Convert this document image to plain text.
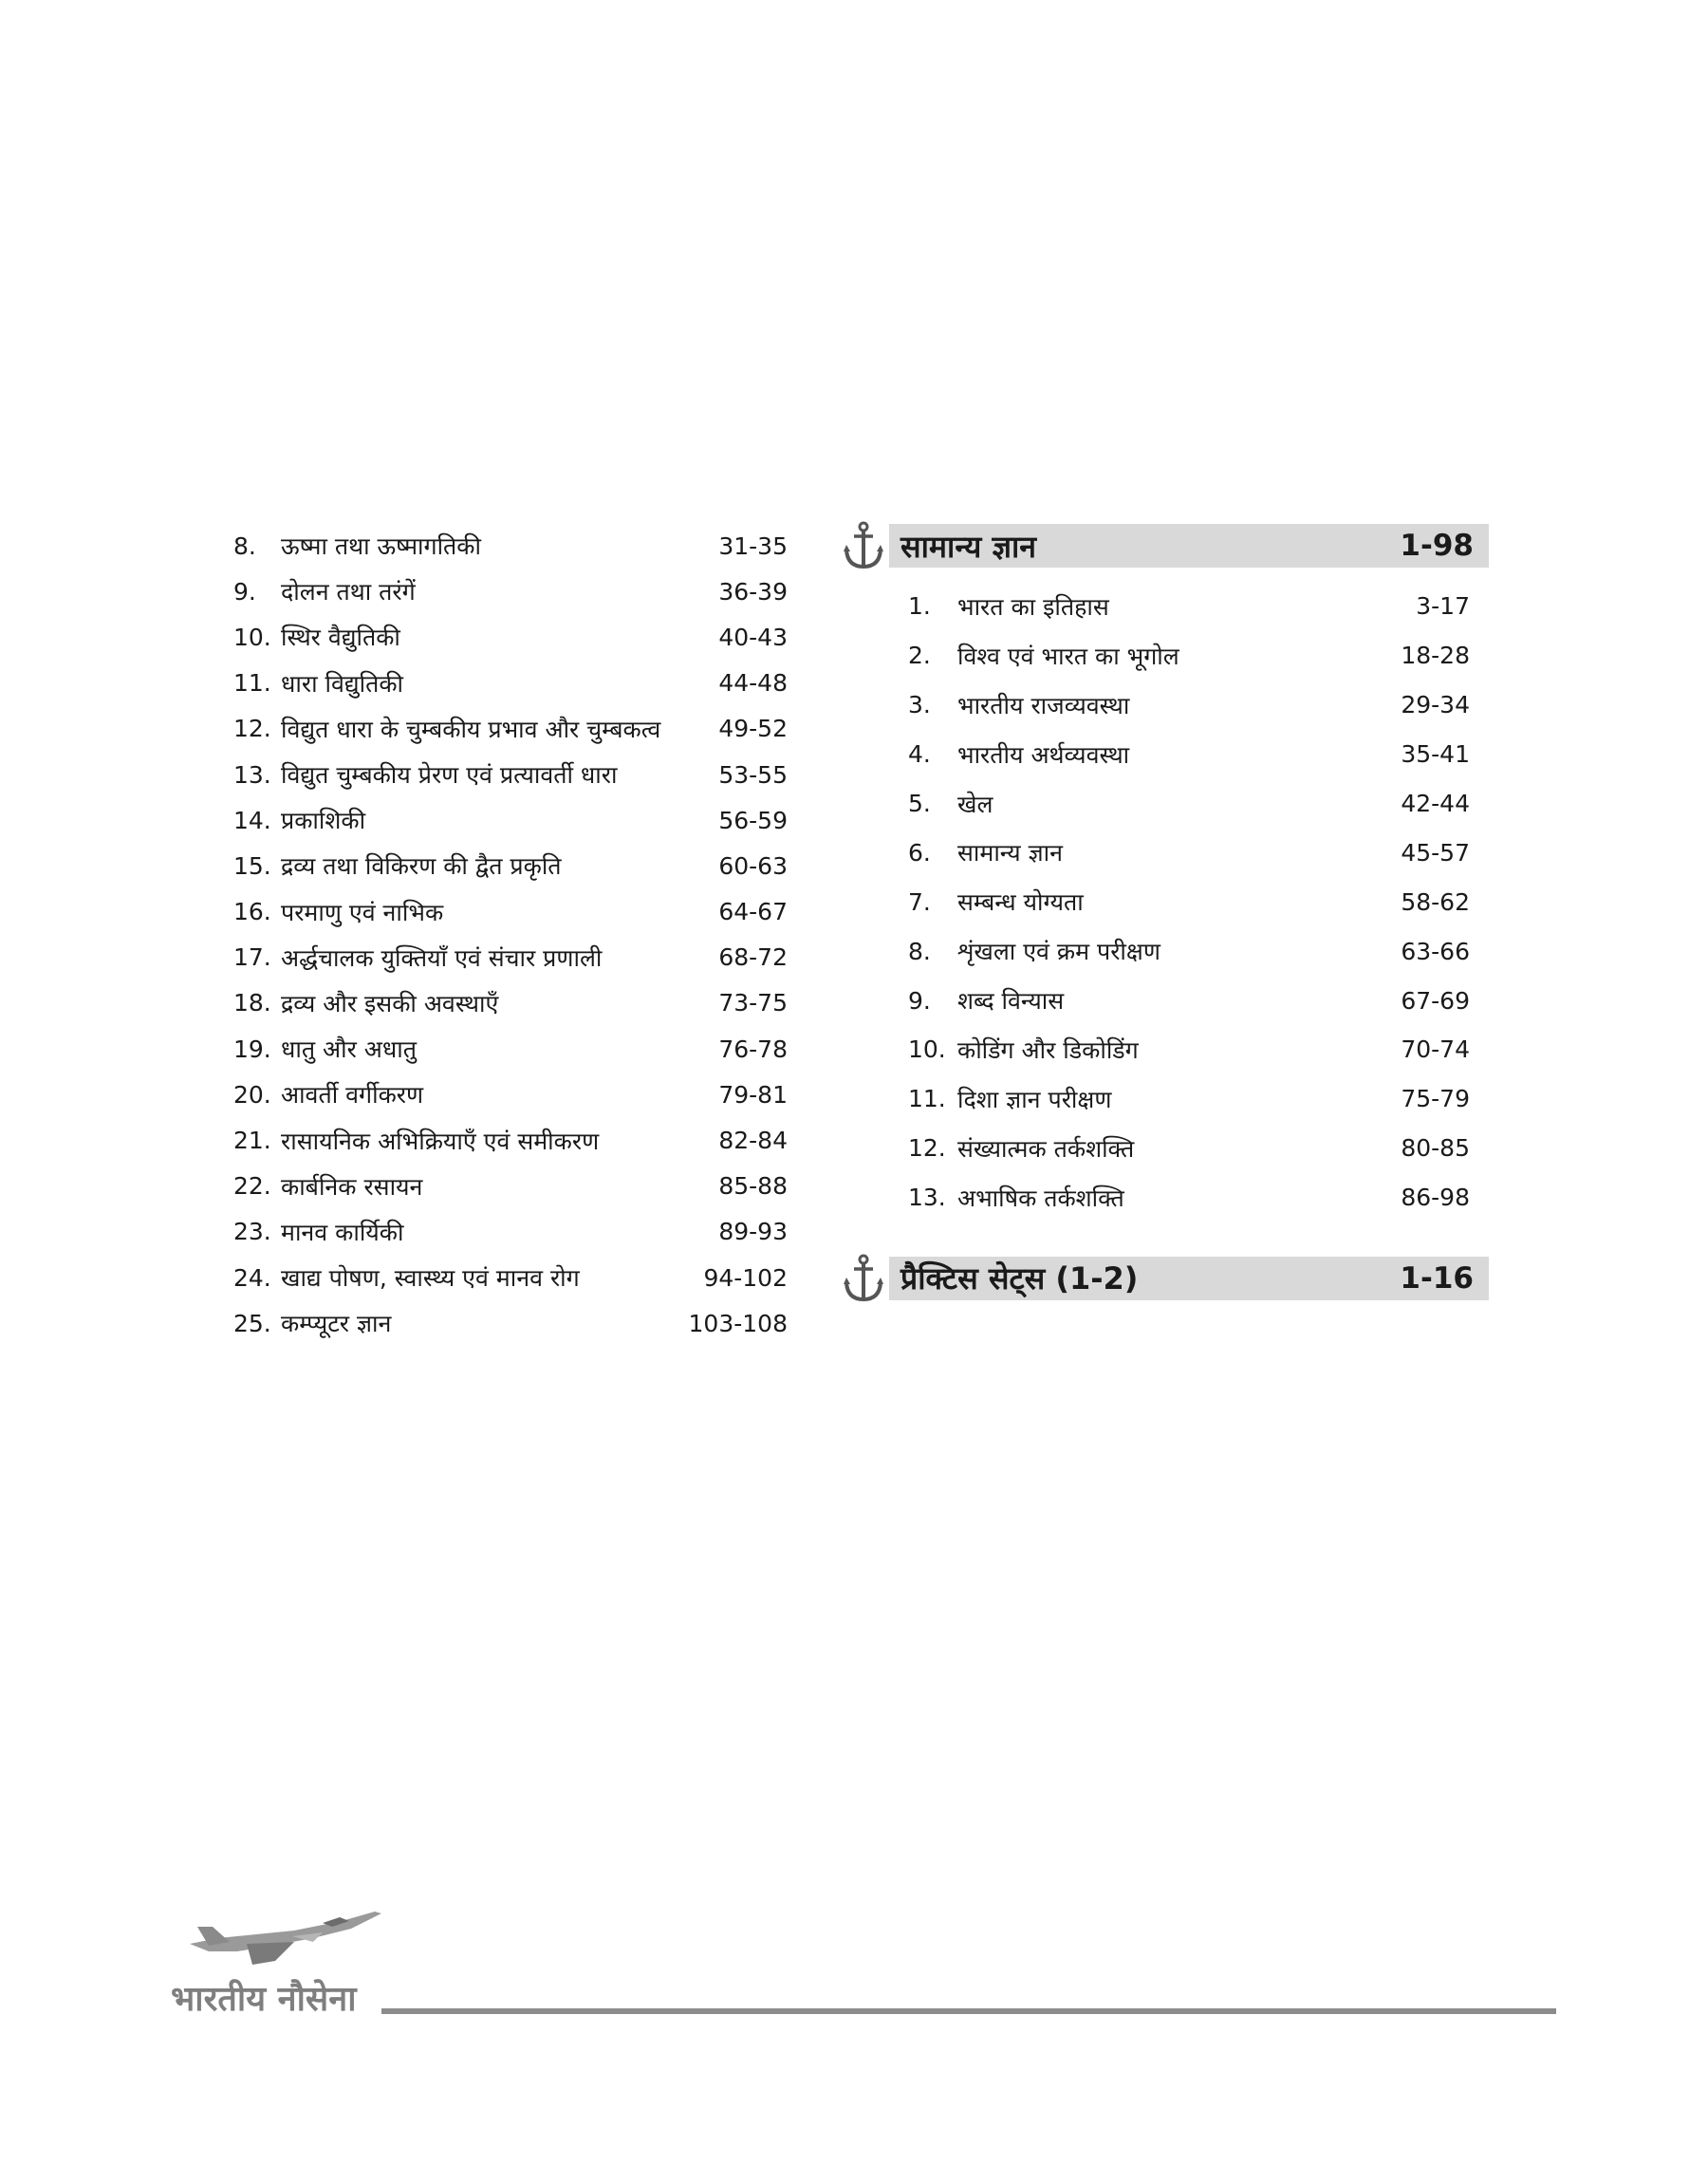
8.	ऊष्मा तथा ऊष्मागतिकी	31-35
9.	दोलन तथा तरंगें	36-39
10. स्थिर वैद्युतिकी	40-43
11. धारा विद्युतिकी	44-48
12. विद्युत धारा के चुम्बकीय प्रभाव और चुम्बकत्व	49-52
13. विद्युत चुम्बकीय प्रेरण एवं प्रत्यावर्ती धारा	53-55
14. प्रकाशिकी	56-59
15. द्रव्य तथा विकिरण की द्वैत प्रकृति	60-63
16. परमाणु एवं नाभिक	64-67
17. अर्द्धचालक युक्तियाँ एवं संचार प्रणाली	68-72
18. द्रव्य और इसकी अवस्थाएँ	73-75
19. धातु और अधातु	76-78
20. आवर्ती वर्गीकरण	79-81
21. रासायनिक अभिक्रियाएँ एवं समीकरण	82-84
22. कार्बनिक रसायन	85-88
23. मानव कार्यिकी	89-93
24. खाद्य पोषण, स्वास्थ्य एवं मानव रोग	94-102
25. कम्प्यूटर ज्ञान	103-108
सामान्य ज्ञान	1-98
1.	भारत का इतिहास	3-17
2.	विश्व एवं भारत का भूगोल	18-28
3.	भारतीय राजव्यवस्था	29-34
4.	भारतीय अर्थव्यवस्था	35-41
5.	खेल	42-44
6.	सामान्य ज्ञान	45-57
7.	सम्बन्ध योग्यता	58-62
8.	शृंखला एवं क्रम परीक्षण	63-66
9.	शब्द विन्यास	67-69
10. कोडिंग और डिकोडिंग	70-74
11. दिशा ज्ञान परीक्षण	75-79
12. संख्यात्मक तर्कशक्ति	80-85
13. अभाषिक तर्कशक्ति	86-98
प्रैक्टिस सेट्स (1-2)	1-16
भारतीय नौसेना
